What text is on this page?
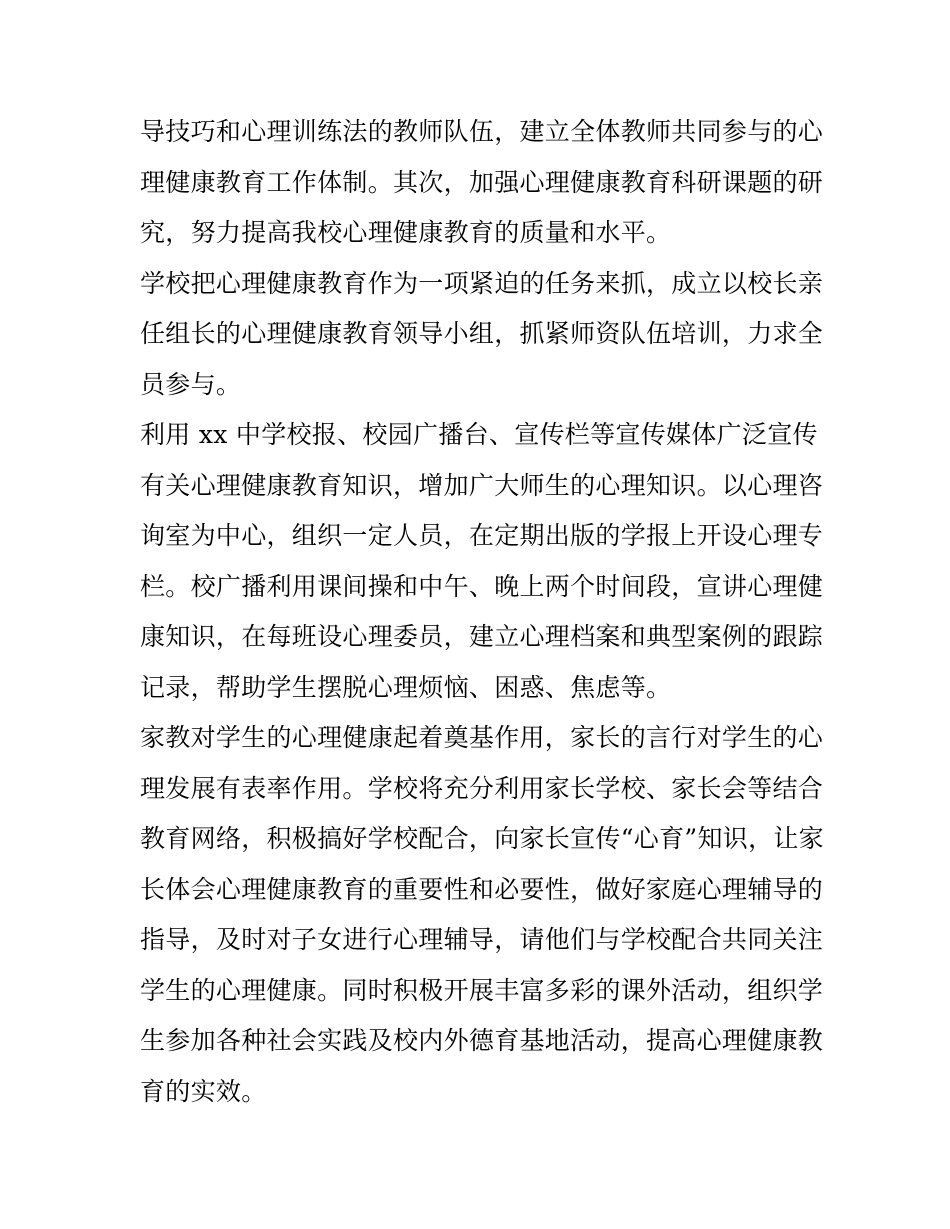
导技巧和心理训练法的教师队伍，建立全体教师共同参与的心
理健康教育工作体制。其次，加强心理健康教育科研课题的研
究，努力提高我校心理健康教育的质量和水平。
学校把心理健康教育作为一项紧迫的任务来抓，成立以校长亲
任组长的心理健康教育领导小组，抓紧师资队伍培训，力求全
员参与。
利用 xx 中学校报、校园广播台、宣传栏等宣传媒体广泛宣传
有关心理健康教育知识，增加广大师生的心理知识。以心理咨
询室为中心，组织一定人员，在定期出版的学报上开设心理专
栏。校广播利用课间操和中午、晚上两个时间段，宣讲心理健
康知识，在每班设心理委员，建立心理档案和典型案例的跟踪
记录，帮助学生摆脱心理烦恼、困惑、焦虑等。
家教对学生的心理健康起着奠基作用，家长的言行对学生的心
理发展有表率作用。学校将充分利用家长学校、家长会等结合
教育网络，积极搞好学校配合，向家长宣传“心育”知识，让家
长体会心理健康教育的重要性和必要性，做好家庭心理辅导的
指导，及时对子女进行心理辅导，请他们与学校配合共同关注
学生的心理健康。同时积极开展丰富多彩的课外活动，组织学
生参加各种社会实践及校内外德育基地活动，提高心理健康教
育的实效。
